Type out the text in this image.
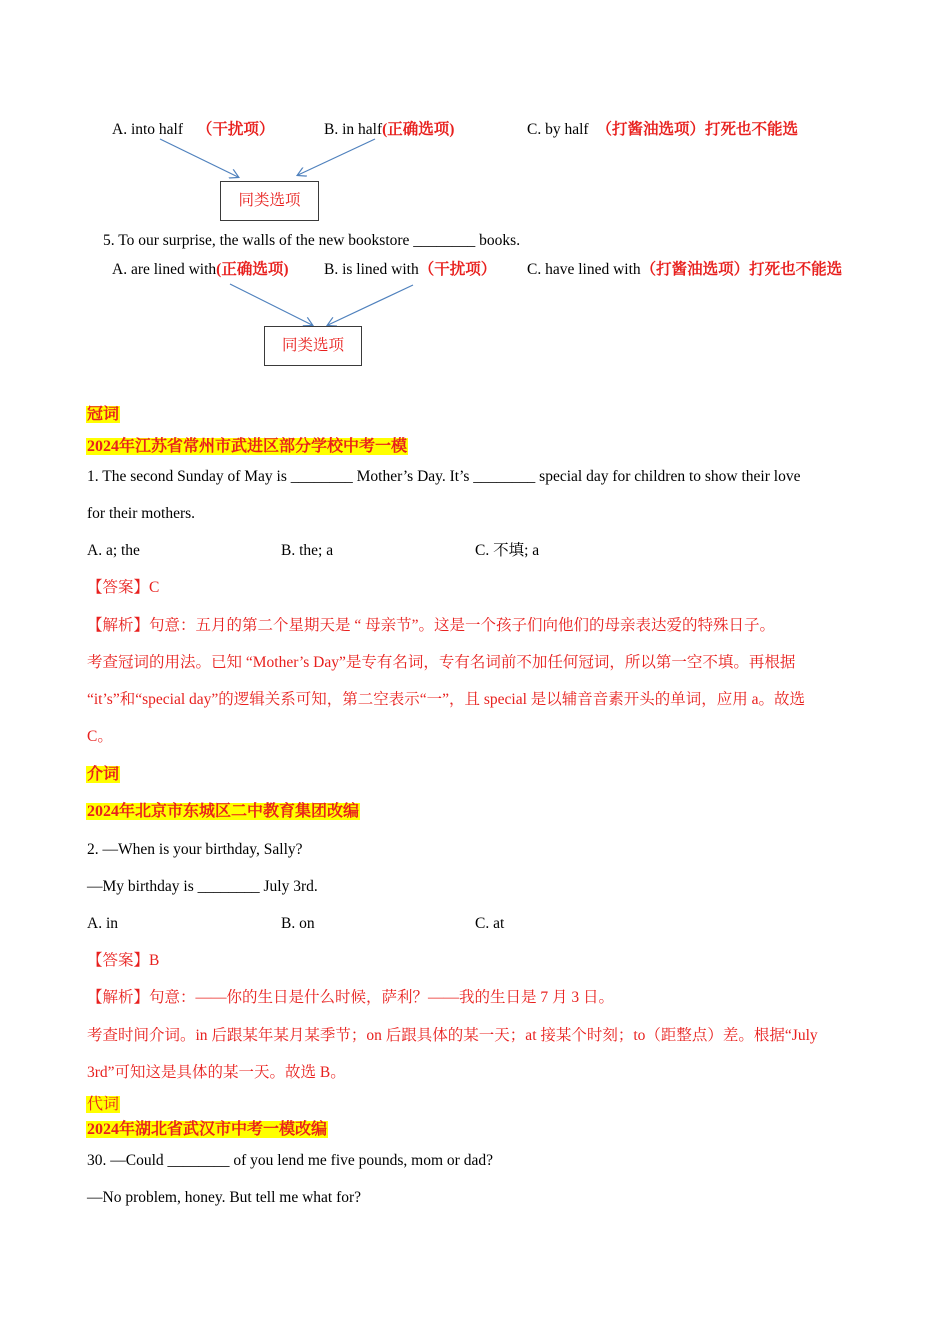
A. into half （干扰项）	B. in half(正确选项)	C. by half （打酱油选项）打死也不能选
同类选项
5. To our surprise, the walls of the new bookstore ________ books.
A. are lined with(正确选项) B. is lined with（干扰项） C. have lined with（打酱油选项）打死也不能选
同类选项
冠词
2024年江苏省常州市武进区部分学校中考一模
1. The second Sunday of May is ________ Mother’s Day. It’s ________ special day for children to show their love
for their mothers.
A. a; the	B. the; a	C. 不填; a
【答案】C
【解析】句意：五月的第二个星期天是 “ 母亲节”。这是一个孩子们向他们的母亲表达爱的特殊日子。
考查冠词的用法。已知 “Mother’s Day”是专有名词，专有名词前不加任何冠词，所以第一空不填。再根据
“it’s”和“special day”的逻辑关系可知，第二空表示“一”，且 special 是以辅音音素开头的单词，应用 a。故选
C。
介词
2024年北京市东城区二中教育集团改编
2. —When is your birthday, Sally?
—My birthday is ________ July 3rd.
A. in	B. on	C. at
【答案】B
【解析】句意：——你的生日是什么时候，萨利？——我的生日是 7 月 3 日。
考查时间介词。in 后跟某年某月某季节；on 后跟具体的某一天；at 接某个时刻；to（距整点）差。根据“July
3rd”可知这是具体的某一天。故选 B。
代词
2024年湖北省武汉市中考一模改编
30. —Could ________ of you lend me five pounds, mom or dad?
—No problem, honey. But tell me what for?
